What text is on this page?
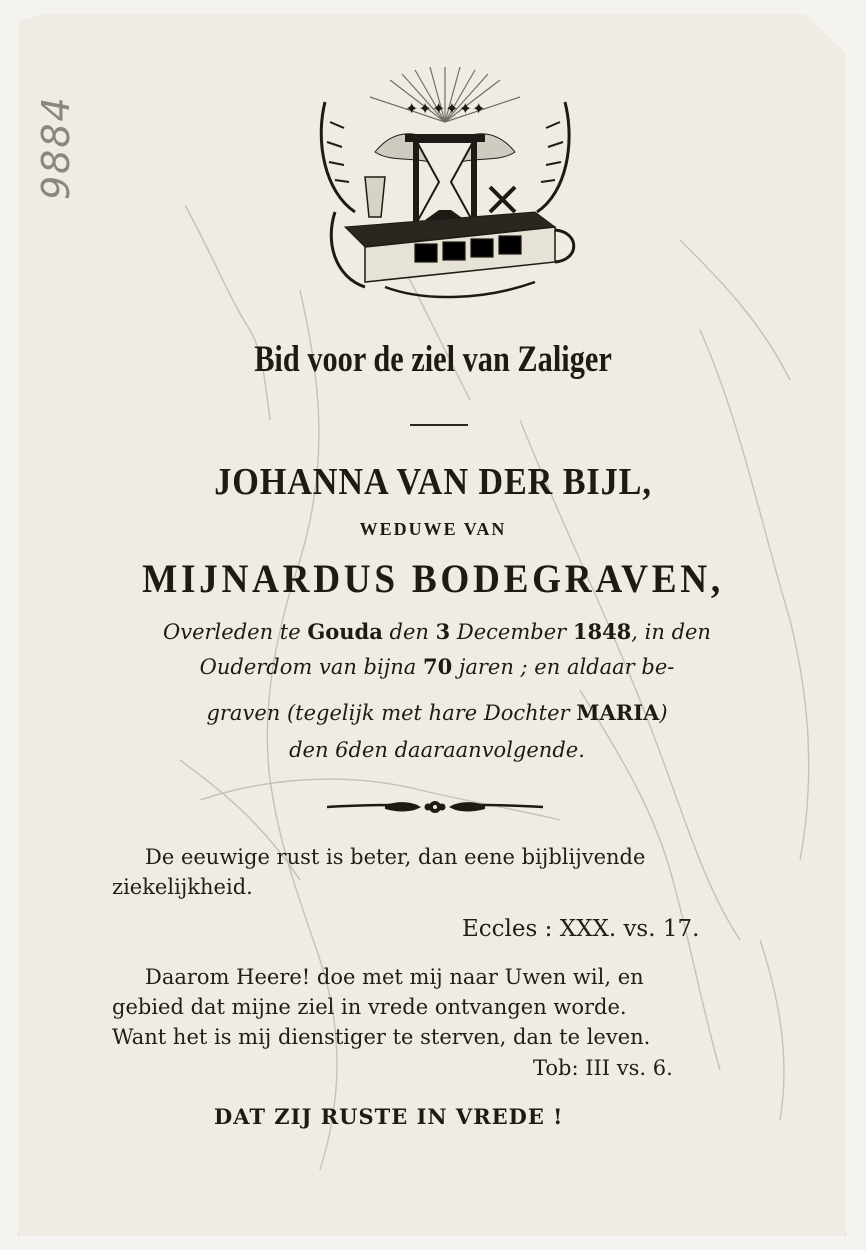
9884	✦✦✦✦✦✦
Bid voor de ziel van Zaliger
JOHANNA VAN DER BIJL,
WEDUWE VAN
MIJNARDUS BODEGRAVEN,
Overleden te Gouda den 3 December 1848, in den
Ouderdom van bijna 70 jaren ; en aldaar be-
graven (tegelijk met hare Dochter MARIA)
den 6den daaraanvolgende.
De eeuwige rust is beter, dan eene bijblijvende
ziekelijkheid.
Eccles : XXX. vs. 17.
Daarom Heere! doe met mij naar Uwen wil, en
gebied dat mijne ziel in vrede ontvangen worde.
Want het is mij dienstiger te sterven, dan te leven.
Tob: III vs. 6.
DAT ZIJ RUSTE IN VREDE !
